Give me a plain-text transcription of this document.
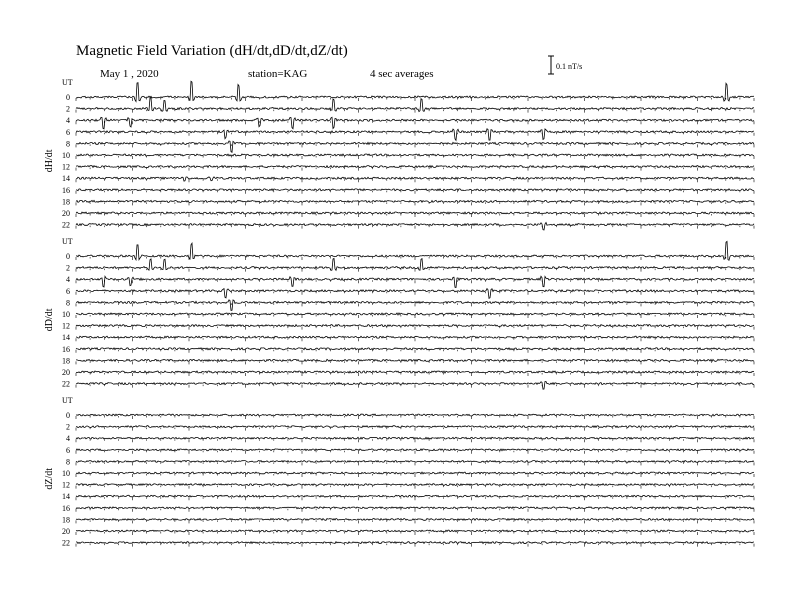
Magnetic Field Variation (dH/dt,dD/dt,dZ/dt)
May 1 , 2020	station=KAG	4 sec averages
0.1 nT/s
UT
dH/dt
0
2
4
6
8
10
12
14
16
18
20
22
UT
dD/dt
0
2
4
6
8
10
12
14
16
18
20
22
UT
dZ/dt
0
2
4
6
8
10
12
14
16
18
20
22
